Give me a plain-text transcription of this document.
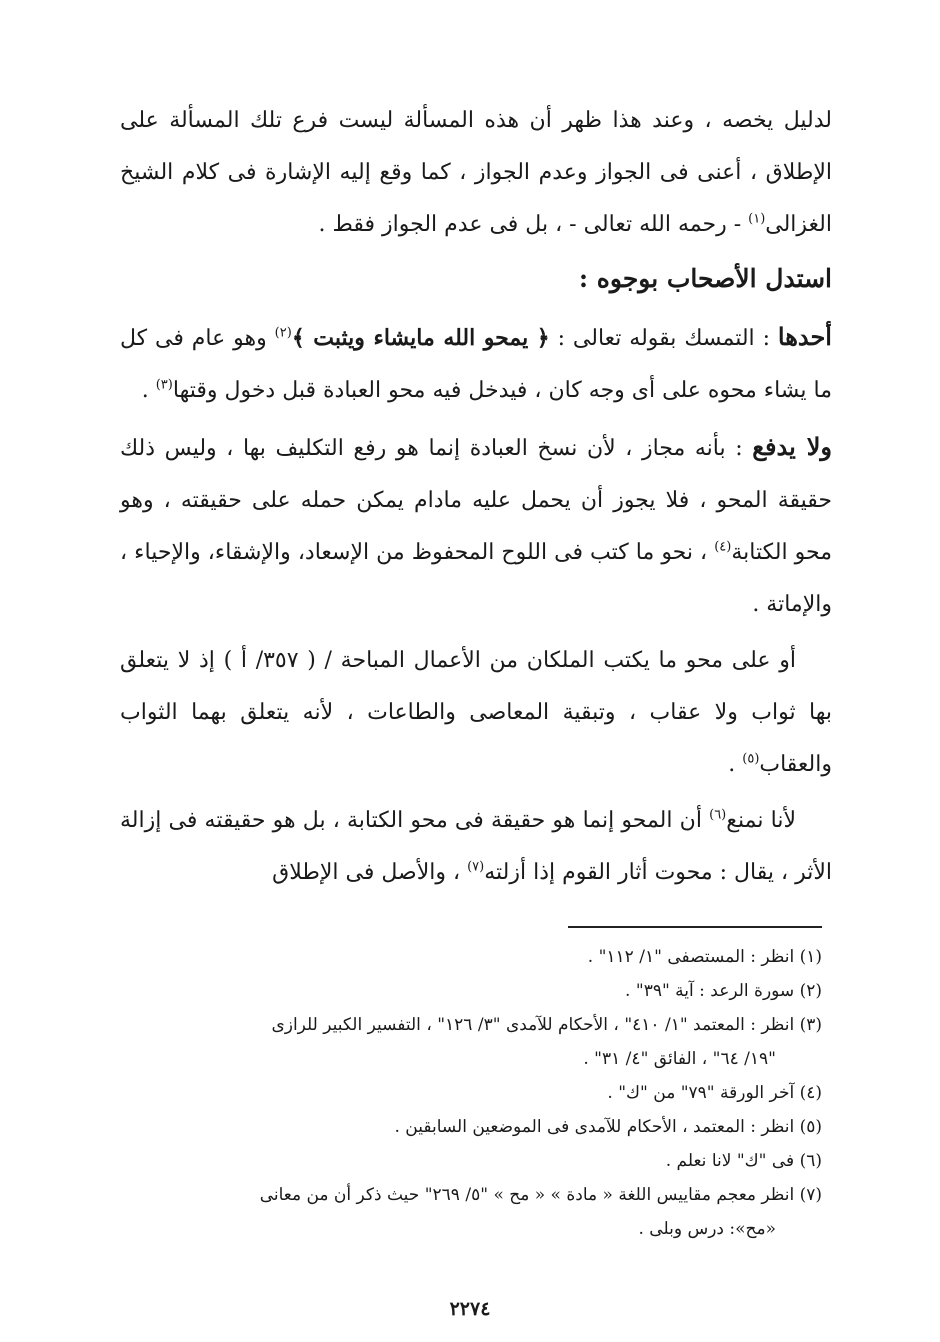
لدليل يخصه ، وعند هذا ظهر أن هذه المسألة ليست فرع تلك المسألة على الإطلاق ، أعنى فى الجواز وعدم الجواز ، كما وقع إليه الإشارة فى كلام الشيخ الغزالى$^{(١)}$ - رحمه الله تعالى - ، بل فى عدم الجواز فقط .

استدل الأصحاب بوجوه :

أحدها : التمسك بقوله تعالى : ﴿ يمحو الله مايشاء ويثبت ﴾$^{(٢)}$ وهو عام فى كل ما يشاء محوه على أى وجه كان ، فيدخل فيه محو العبادة قبل دخول وقتها$^{(٣)}$ .

ولا يدفع : بأنه مجاز ، لأن نسخ العبادة إنما هو رفع التكليف بها ، وليس ذلك حقيقة المحو ، فلا يجوز أن يحمل عليه مادام يمكن حمله على حقيقته ، وهو محو الكتابة$^{(٤)}$ ، نحو ما كتب فى اللوح المحفوظ من الإسعاد، والإشقاء، والإحياء ، والإماتة .

أو على محو ما يكتب الملكان من الأعمال المباحة / ( ٣٥٧/ أ ) إذ لا يتعلق بها ثواب ولا عقاب ، وتبقية المعاصى والطاعات ، لأنه يتعلق بهما الثواب والعقاب$^{(٥)}$ .

لأنا نمنع$^{(٦)}$ أن المحو إنما هو حقيقة فى محو الكتابة ، بل هو حقيقته فى إزالة الأثر ، يقال : محوت أثار القوم إذا أزلته$^{(٧)}$ ، والأصل فى الإطلاق

(١) انظر : المستصفى "١/ ١١٢" .

(٢) سورة الرعد : آية "٣٩" .

(٣) انظر : المعتمد "١/ ٤١٠" ، الأحكام للآمدى "٣/ ١٢٦" ، التفسير الكبير للرازى

"١٩/ ٦٤" ، الفائق "٤/ ٣١" .

(٤) آخر الورقة "٧٩" من "ك" .

(٥) انظر : المعتمد ، الأحكام للآمدى فى الموضعين السابقين .

(٦) فى "ك" لانا نعلم .

(٧) انظر معجم مقاييس اللغة « مادة » « مح » "٥/ ٢٦٩" حيث ذكر أن من معانى

«مح»: درس وبلى .

٢٢٧٤
